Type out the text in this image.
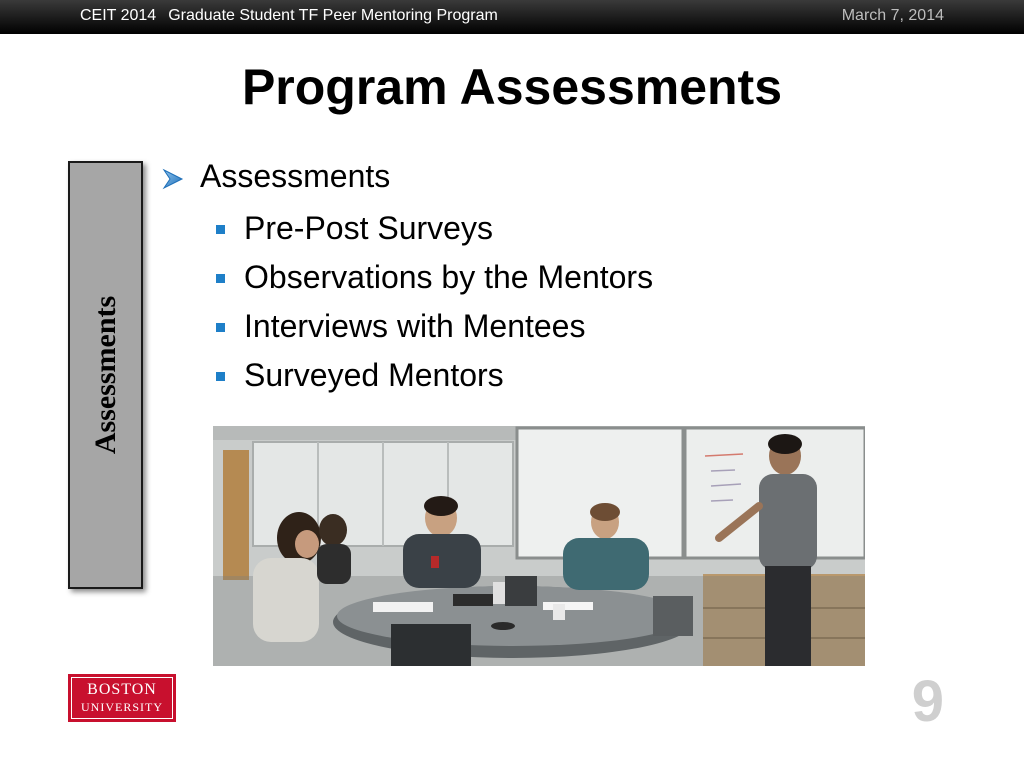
CEIT 2014 Graduate Student TF Peer Mentoring Program	March 7, 2014
Program Assessments
Assessments
Assessments
Pre-Post Surveys
Observations by the Mentors
Interviews with Mentees
Surveyed Mentors
BOSTON
UNIVERSITY	9
